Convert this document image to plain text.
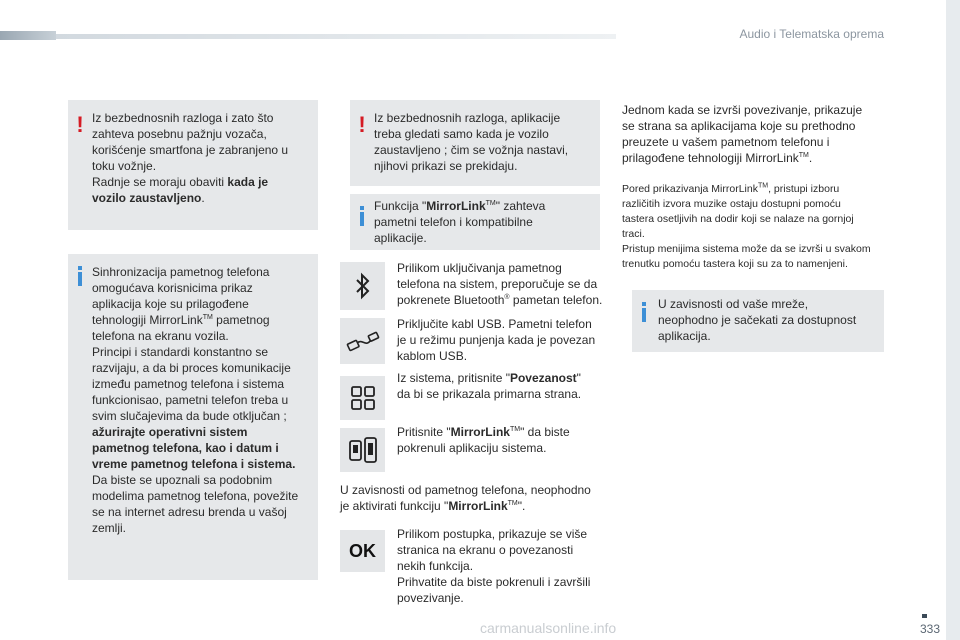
Audio i Telematska oprema
! Iz bezbednosnih razloga i zato što

zahteva posebnu pažnju vozača,

korišćenje smartfona je zabranjeno u

toku vožnje.

Radnje se moraju obaviti kada je

vozilo zaustavljeno.

Sinhronizacija pametnog telefona

omogućava korisnicima prikaz

aplikacija koje su prilagođene

tehnologiji MirrorLink™ pametnog

telefona na ekranu vozila.

Principi i standardi konstantno se

razvijaju, a da bi proces komunikacije

između pametnog telefona i sistema

funkcionisao, pametni telefon treba u

svim slučajevima da bude otključan ;

ažurirajte operativni sistem

pametnog telefona, kao i datum i

vreme pametnog telefona i sistema.

Da biste se upoznali sa podobnim

modelima pametnog telefona, povežite

se na internet adresu brenda u vašoj

zemlji.

! Iz bezbednosnih razloga, aplikacije

treba gledati samo kada je vozilo

zaustavljeno ; čim se vožnja nastavi,

njihovi prikazi se prekidaju.

Funkcija "MirrorLink™" zahteva

pametni telefon i kompatibilne

aplikacije.

Prilikom uključivanja pametnog

telefona na sistem, preporučuje se da

pokrenete Bluetooth® pametan telefon.

Priključite kabl USB. Pametni telefon

je u režimu punjenja kada je povezan

kablom USB.

Iz sistema, pritisnite "Povezanost"

da bi se prikazala primarna strana.

Pritisnite "MirrorLink™" da biste

pokrenuli aplikaciju sistema.

U zavisnosti od pametnog telefona, neophodno

je aktivirati funkciju "MirrorLink™".

OK

Prilikom postupka, prikazuje se više

stranica na ekranu o povezanosti

nekih funkcija.

Prihvatite da biste pokrenuli i završili

povezivanje.

Jednom kada se izvrši povezivanje, prikazuje

se strana sa aplikacijama koje su prethodno

preuzete u vašem pametnom telefonu i

prilagođene tehnologiji MirrorLink™.

Pored prikazivanja MirrorLink™, pristupi izboru

različitih izvora muzike ostaju dostupni pomoću

tastera osetljivih na dodir koji se nalaze na gornjoj

traci.

Pristup menijima sistema može da se izvrši u svakom

trenutku pomoću tastera koji su za to namenjeni.

U zavisnosti od vaše mreže,

neophodno je sačekati za dostupnost

aplikacija.

carmanualsonline.info	333
